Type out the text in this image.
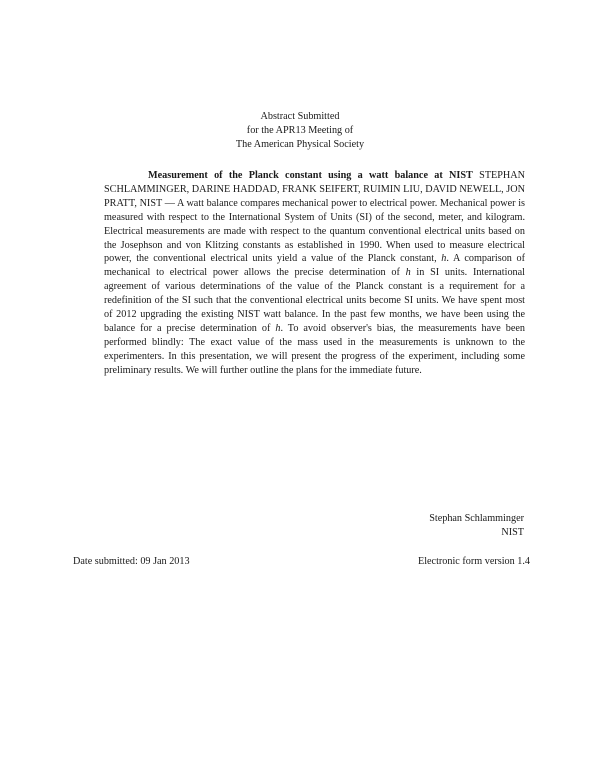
Abstract Submitted
for the APR13 Meeting of
The American Physical Society
Measurement of the Planck constant using a watt balance at NIST STEPHAN SCHLAMMINGER, DARINE HADDAD, FRANK SEIFERT, RUIMIN LIU, DAVID NEWELL, JON PRATT, NIST — A watt balance compares mechanical power to electrical power. Mechanical power is measured with respect to the International System of Units (SI) of the second, meter, and kilogram. Electrical measurements are made with respect to the quantum conventional electrical units based on the Josephson and von Klitzing constants as established in 1990. When used to measure electrical power, the conventional electrical units yield a value of the Planck constant, h. A comparison of mechanical to electrical power allows the precise determination of h in SI units. International agreement of various determinations of the value of the Planck constant is a requirement for a redefinition of the SI such that the conventional electrical units become SI units. We have spent most of 2012 upgrading the existing NIST watt balance. In the past few months, we have been using the balance for a precise determination of h. To avoid observer's bias, the measurements have been performed blindly: The exact value of the mass used in the measurements is unknown to the experimenters. In this presentation, we will present the progress of the experiment, including some preliminary results. We will further outline the plans for the immediate future.
Stephan Schlamminger
NIST
Date submitted: 09 Jan 2013	Electronic form version 1.4
